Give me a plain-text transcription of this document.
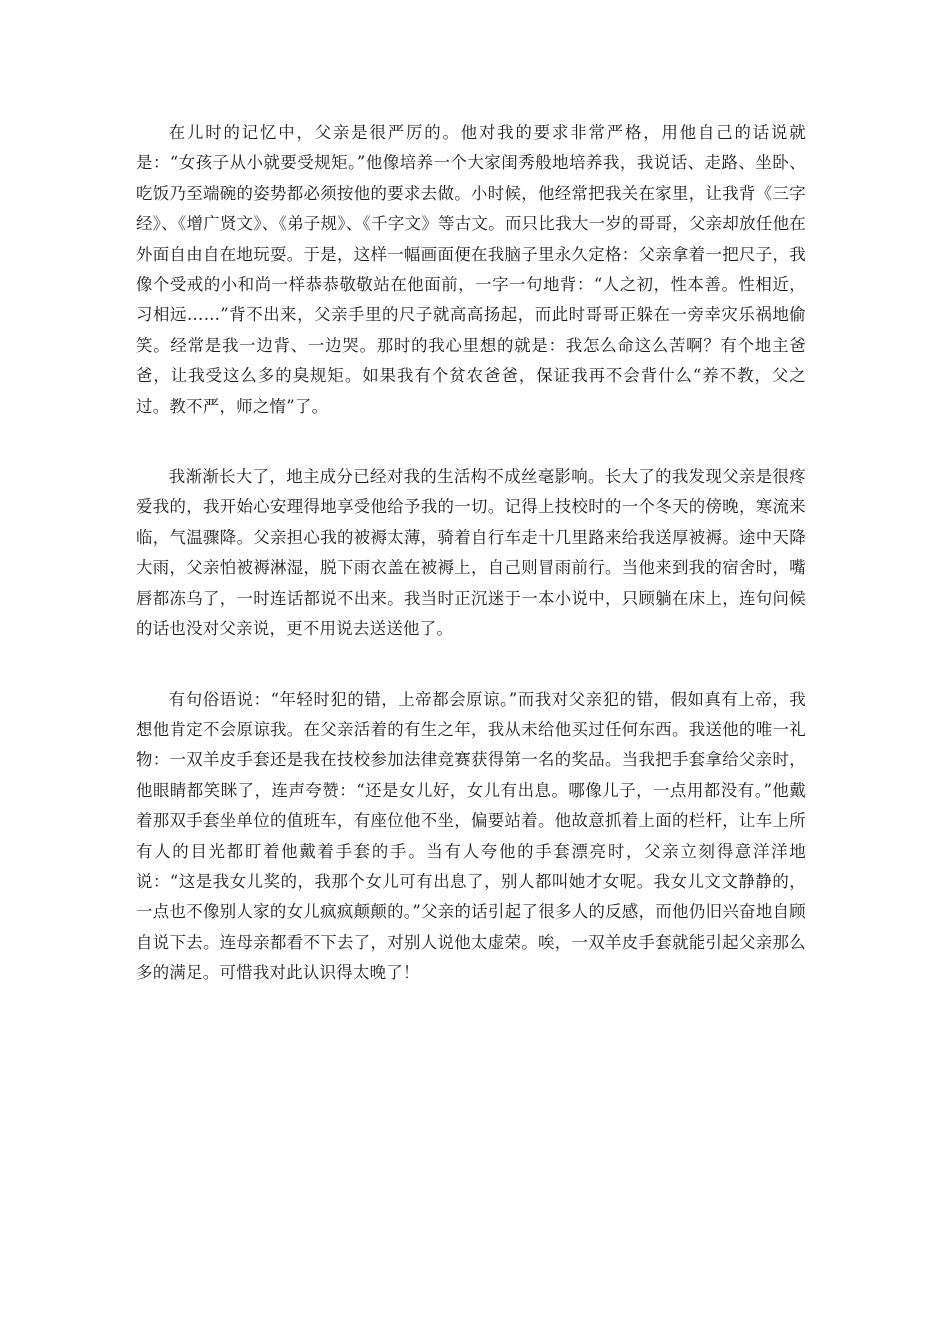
在儿时的记忆中，父亲是很严厉的。他对我的要求非常严格，用他自己的话说就是：“女孩子从小就要受规矩。”他像培养一个大家闺秀般地培养我，我说话、走路、坐卧、吃饭乃至端碗的姿势都必须按他的要求去做。小时候，他经常把我关在家里，让我背《三字经》、《增广贤文》、《弟子规》、《千字文》等古文。而只比我大一岁的哥哥，父亲却放任他在外面自由自在地玩耍。于是，这样一幅画面便在我脑子里永久定格：父亲拿着一把尺子，我像个受戒的小和尚一样恭恭敬敬站在他面前，一字一句地背：“人之初，性本善。性相近，习相远……”背不出来，父亲手里的尺子就高高扬起，而此时哥哥正躲在一旁幸灾乐祸地偷笑。经常是我一边背、一边哭。那时的我心里想的就是：我怎么命这么苦啊？有个地主爸爸，让我受这么多的臭规矩。如果我有个贫农爸爸，保证我再不会背什么“养不教，父之过。教不严，师之惰”了。

我渐渐长大了，地主成分已经对我的生活构不成丝毫影响。长大了的我发现父亲是很疼爱我的，我开始心安理得地享受他给予我的一切。记得上技校时的一个冬天的傍晚，寒流来临，气温骤降。父亲担心我的被褥太薄，骑着自行车走十几里路来给我送厚被褥。途中天降大雨，父亲怕被褥淋湿，脱下雨衣盖在被褥上，自己则冒雨前行。当他来到我的宿舍时，嘴唇都冻乌了，一时连话都说不出来。我当时正沉迷于一本小说中，只顾躺在床上，连句问候的话也没对父亲说，更不用说去送送他了。

有句俗语说：“年轻时犯的错，上帝都会原谅。”而我对父亲犯的错，假如真有上帝，我想他肯定不会原谅我。在父亲活着的有生之年，我从未给他买过任何东西。我送他的唯一礼物：一双羊皮手套还是我在技校参加法律竞赛获得第一名的奖品。当我把手套拿给父亲时，他眼睛都笑眯了，连声夸赞：“还是女儿好，女儿有出息。哪像儿子，一点用都没有。”他戴着那双手套坐单位的值班车，有座位他不坐，偏要站着。他故意抓着上面的栏杆，让车上所有人的目光都盯着他戴着手套的手。当有人夸他的手套漂亮时，父亲立刻得意洋洋地说：“这是我女儿奖的，我那个女儿可有出息了，别人都叫她才女呢。我女儿文文静静的，一点也不像别人家的女儿疯疯颠颠的。”父亲的话引起了很多人的反感，而他仍旧兴奋地自顾自说下去。连母亲都看不下去了，对别人说他太虚荣。唉，一双羊皮手套就能引起父亲那么多的满足。可惜我对此认识得太晚了！
